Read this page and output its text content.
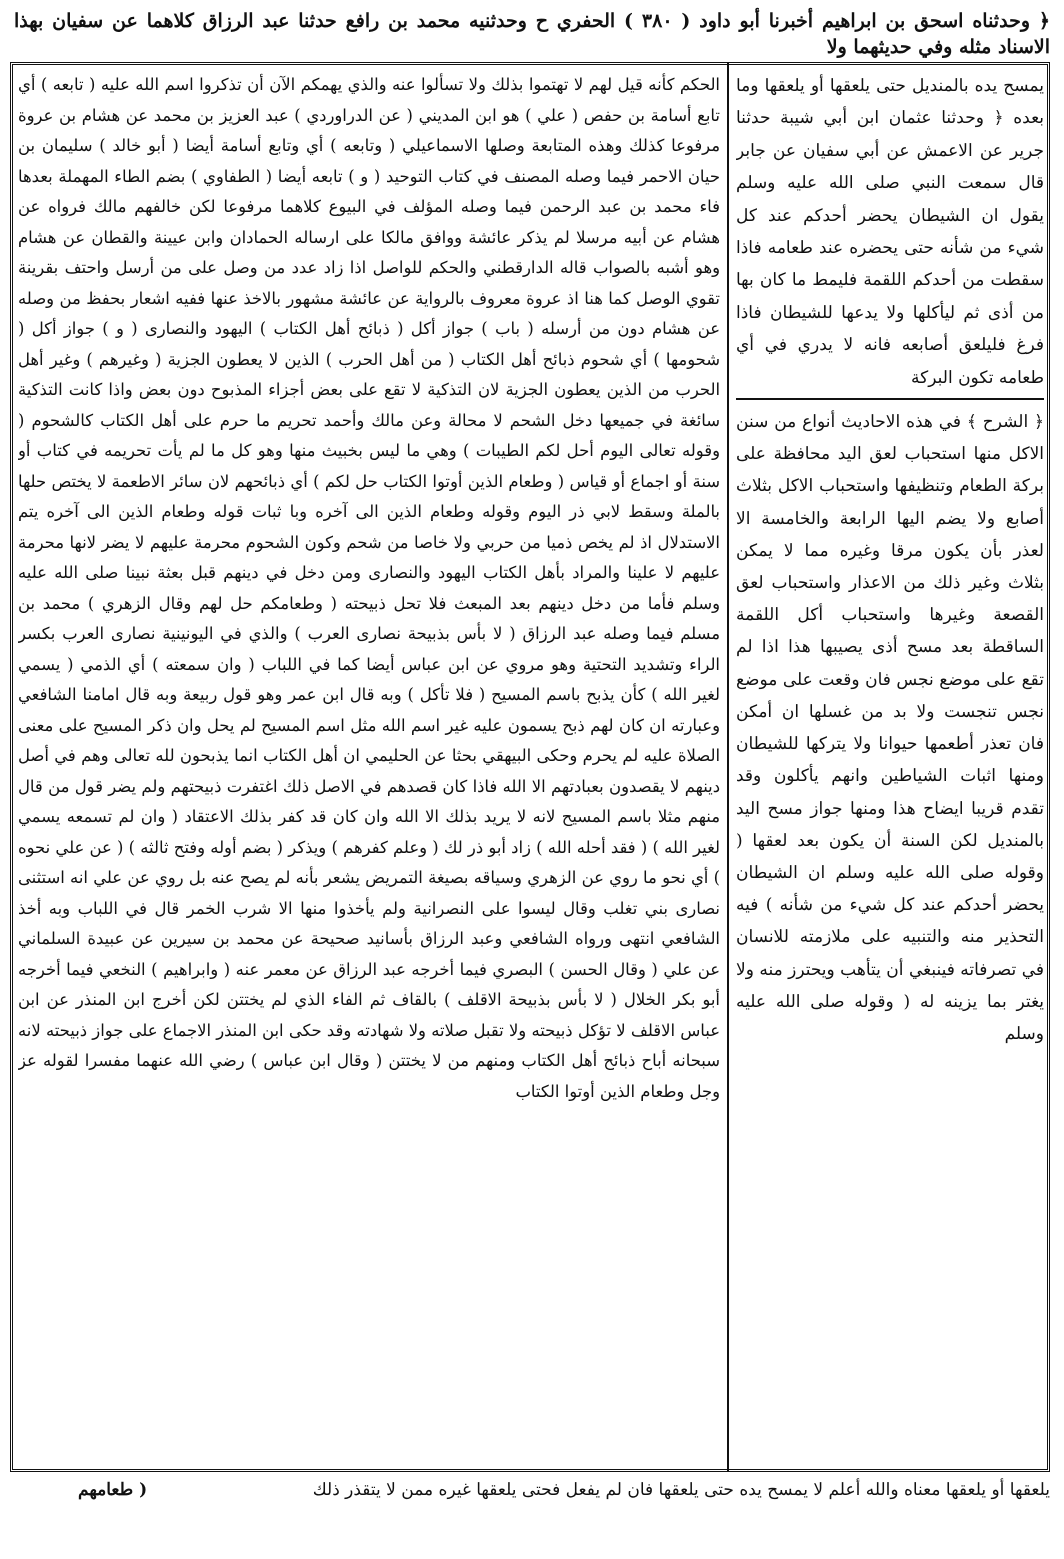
﴿ وحدثناه اسحق بن ابراهيم أخبرنا أبو داود ( ٣٨٠ ) الحفري ح وحدثنيه محمد بن رافع حدثنا عبد الرزاق كلاهما عن سفيان بهذا الاسناد مثله وفي حديثهما ولا
يمسح يده بالمنديل حتى يلعقها أو يلعقها وما بعده ﴿ وحدثنا عثمان ابن أبي شيبة حدثنا جرير عن الاعمش عن أبي سفيان عن جابر قال سمعت النبي صلى الله عليه وسلم يقول ان الشيطان يحضر أحدكم عند كل شيء من شأنه حتى يحضره عند طعامه فاذا سقطت من أحدكم اللقمة فليمط ما كان بها من أذى ثم ليأكلها ولا يدعها للشيطان فاذا فرغ فليلعق أصابعه فانه لا يدري في أي طعامه تكون البركة
﴿ الشرح ﴾ في هذه الاحاديث أنواع من سنن الاكل منها استحباب لعق اليد محافظة على بركة الطعام وتنظيفها واستحباب الاكل بثلاث أصابع ولا يضم اليها الرابعة والخامسة الا لعذر بأن يكون مرقا وغيره مما لا يمكن بثلاث وغير ذلك من الاعذار واستحباب لعق القصعة وغيرها واستحباب أكل اللقمة الساقطة بعد مسح أذى يصيبها هذا اذا لم تقع على موضع نجس فان وقعت على موضع نجس تنجست ولا بد من غسلها ان أمكن فان تعذر أطعمها حيوانا ولا يتركها للشيطان ومنها اثبات الشياطين وانهم يأكلون وقد تقدم قريبا ايضاح هذا ومنها جواز مسح اليد بالمنديل لكن السنة أن يكون بعد لعقها ( وقوله صلى الله عليه وسلم ان الشيطان يحضر أحدكم عند كل شيء من شأنه ) فيه التحذير منه والتنبيه على ملازمته للانسان في تصرفاته فينبغي أن يتأهب ويحترز منه ولا يغتر بما يزينه له ( وقوله صلى الله عليه وسلم
الحكم كأنه قيل لهم لا تهتموا بذلك ولا تسألوا عنه والذي يهمكم الآن أن تذكروا اسم الله عليه ( تابعه ) أي تابع أسامة بن حفص ( علي ) هو ابن المديني ( عن الدراوردي ) عبد العزيز بن محمد عن هشام بن عروة مرفوعا كذلك وهذه المتابعة وصلها الاسماعيلي ( وتابعه ) أي وتابع أسامة أيضا ( أبو خالد ) سليمان بن حيان الاحمر فيما وصله المصنف في كتاب التوحيد ( و ) تابعه أيضا ( الطفاوي ) بضم الطاء المهملة بعدها فاء محمد بن عبد الرحمن فيما وصله المؤلف في البيوع كلاهما مرفوعا لكن خالفهم مالك فرواه عن هشام عن أبيه مرسلا لم يذكر عائشة ووافق مالكا على ارساله الحمادان وابن عيينة والقطان عن هشام وهو أشبه بالصواب قاله الدارقطني والحكم للواصل اذا زاد عدد من وصل على من أرسل واحتف بقرينة تقوي الوصل كما هنا اذ عروة معروف بالرواية عن عائشة مشهور بالاخذ عنها ففيه اشعار بحفظ من وصله عن هشام دون من أرسله ( باب ) جواز أكل ( ذبائح أهل الكتاب ) اليهود والنصارى ( و ) جواز أكل ( شحومها ) أي شحوم ذبائح أهل الكتاب ( من أهل الحرب ) الذين لا يعطون الجزية ( وغيرهم ) وغير أهل الحرب من الذين يعطون الجزية لان التذكية لا تقع على بعض أجزاء المذبوح دون بعض واذا كانت التذكية سائغة في جميعها دخل الشحم لا محالة وعن مالك وأحمد تحريم ما حرم على أهل الكتاب كالشحوم ( وقوله تعالى اليوم أحل لكم الطيبات ) وهي ما ليس بخبيث منها وهو كل ما لم يأت تحريمه في كتاب أو سنة أو اجماع أو قياس ( وطعام الذين أوتوا الكتاب حل لكم ) أي ذبائحهم لان سائر الاطعمة لا يختص حلها بالملة وسقط لابي ذر اليوم وقوله وطعام الذين الى آخره وبا ثبات قوله وطعام الذين الى آخره يتم الاستدلال اذ لم يخص ذميا من حربي ولا خاصا من شحم وكون الشحوم محرمة عليهم لا يضر لانها محرمة عليهم لا علينا والمراد بأهل الكتاب اليهود والنصارى ومن دخل في دينهم قبل بعثة نبينا صلى الله عليه وسلم فأما من دخل دينهم بعد المبعث فلا تحل ذبيحته ( وطعامكم حل لهم وقال الزهري ) محمد بن مسلم فيما وصله عبد الرزاق ( لا بأس بذبيحة نصارى العرب ) والذي في اليونينية نصارى العرب بكسر الراء وتشديد التحتية وهو مروي عن ابن عباس أيضا كما في اللباب ( وان سمعته ) أي الذمي ( يسمي لغير الله ) كأن يذبح باسم المسيح ( فلا تأكل ) وبه قال ابن عمر وهو قول ربيعة وبه قال امامنا الشافعي وعبارته ان كان لهم ذبح يسمون عليه غير اسم الله مثل اسم المسيح لم يحل وان ذكر المسيح على معنى الصلاة عليه لم يحرم وحكى البيهقي بحثا عن الحليمي ان أهل الكتاب انما يذبحون لله تعالى وهم في أصل دينهم لا يقصدون بعبادتهم الا الله فاذا كان قصدهم في الاصل ذلك اغتفرت ذبيحتهم ولم يضر قول من قال منهم مثلا باسم المسيح لانه لا يريد بذلك الا الله وان كان قد كفر بذلك الاعتقاد ( وان لم تسمعه يسمي لغير الله ) ( فقد أحله الله ) زاد أبو ذر لك ( وعلم كفرهم ) ويذكر ( بضم أوله وفتح ثالثه ) ( عن علي نحوه ) أي نحو ما روي عن الزهري وسياقه بصيغة التمريض يشعر بأنه لم يصح عنه بل روي عن علي انه استثنى نصارى بني تغلب وقال ليسوا على النصرانية ولم يأخذوا منها الا شرب الخمر قال في اللباب وبه أخذ الشافعي انتهى ورواه الشافعي وعبد الرزاق بأسانيد صحيحة عن محمد بن سيرين عن عبيدة السلماني عن علي ( وقال الحسن ) البصري فيما أخرجه عبد الرزاق عن معمر عنه ( وابراهيم ) النخعي فيما أخرجه أبو بكر الخلال ( لا بأس بذبيحة الاقلف ) بالقاف ثم الفاء الذي لم يختتن لكن أخرج ابن المنذر عن ابن عباس الاقلف لا تؤكل ذبيحته ولا تقبل صلاته ولا شهادته وقد حكى ابن المنذر الاجماع على جواز ذبيحته لانه سبحانه أباح ذبائح أهل الكتاب ومنهم من لا يختتن ( وقال ابن عباس ) رضي الله عنهما مفسرا لقوله عز وجل وطعام الذين أوتوا الكتاب
يلعقها أو يلعقها معناه والله أعلم لا يمسح يده حتى يلعقها فان لم يفعل فحتى يلعقها غيره ممن لا يتقذر ذلك
( طعامهم
